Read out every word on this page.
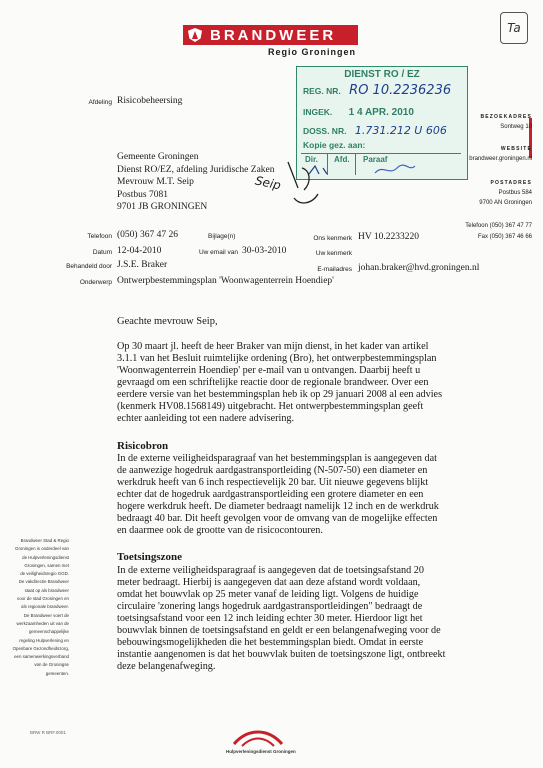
Ta
BRANDWEER
Regio Groningen
DIENST RO / EZ
REG. NR. RO 10.2236236
INGEK. 1 4 APR. 2010
DOSS. NR. 1.731.212 U 606
Kopie gez. aan:
Dir. Afd. Paraaf
Afdeling Risicobeheersing
Gemeente Groningen
Dienst RO/EZ, afdeling Juridische Zaken
Mevrouw M.T. Seip
Postbus 7081
9701 JB GRONINGEN
Seip
BEZOEKADRES
Sontweg 10
WEBSITE
brandweer.groningen.nl
POSTADRES
Postbus 584
9700 AN Groningen
Telefoon (050) 367 47 77
Fax (050) 367 46 66
Telefoon (050) 367 47 26	Bijlage(n)	Ons kenmerk HV 10.2233220
Datum 12-04-2010	Uw email van 30-03-2010	Uw kenmerk
Behandeld door J.S.E. Braker	E-mailadres johan.braker@hvd.groningen.nl
Onderwerp Ontwerpbestemmingsplan 'Woonwagenterrein Hoendiep'
Geachte mevrouw Seip,
Op 30 maart jl. heeft de heer Braker van mijn dienst, in het kader van artikel
3.1.1 van het Besluit ruimtelijke ordening (Bro), het ontwerpbestemmingsplan
'Woonwagenterrein Hoendiep' per e-mail van u ontvangen. Daarbij heeft u
gevraagd om een schriftelijke reactie door de regionale brandweer. Over een
eerdere versie van het bestemmingsplan heb ik op 29 januari 2008 al een advies
(kenmerk HV08.1568149) uitgebracht. Het ontwerpbestemmingsplan geeft
echter aanleiding tot een nadere advisering.
Risicobron
In de externe veiligheidsparagraaf van het bestemmingsplan is aangegeven dat
de aanwezige hogedruk aardgastransportleiding (N-507-50) een diameter en
werkdruk heeft van 6 inch respectievelijk 20 bar. Uit nieuwe gegevens blijkt
echter dat de hogedruk aardgastransportleiding een grotere diameter en een
hogere werkdruk heeft. De diameter bedraagt namelijk 12 inch en de werkdruk
bedraagt 40 bar. Dit heeft gevolgen voor de omvang van de mogelijke effecten
en daarmee ook de grootte van de risicocontouren.
Toetsingszone
In de externe veiligheidsparagraaf is aangegeven dat de toetsingsafstand 20
meter bedraagt. Hierbij is aangegeven dat aan deze afstand wordt voldaan,
omdat het bouwvlak op 25 meter vanaf de leiding ligt. Volgens de huidige
circulaire 'zonering langs hogedruk aardgastransportleidingen" bedraagt de
toetsingsafstand voor een 12 inch leiding echter 30 meter. Hierdoor ligt het
bouwvlak binnen de toetsingsafstand en geldt er een belangenafweging voor de
bebouwingsmogelijkheden die het bestemmingsplan biedt. Omdat in eerste
instantie aangenomen is dat het bouwvlak buiten de toetsingszone ligt, ontbreekt
deze belangenafweging.
Brandweer Stad & Regio
Groningen is onderdeel van
de Hulpverleningsdienst
Groningen, samen met
de veiligheidsregio GGD.
De vakdirectie Brandweer
staat op als brandweer
voor de stad Groningen en
als regionale brandweer.
De Brandweer voert de
werkzaamheden uit van de
gemeenschappelijke
regeling Hulpverlening en
Openbare Gezondheidszorg,
een samenwerkingsverband
van de Groningse
gemeenten.
BRW R BRF.0001
Hulpverleningsdienst Groningen
